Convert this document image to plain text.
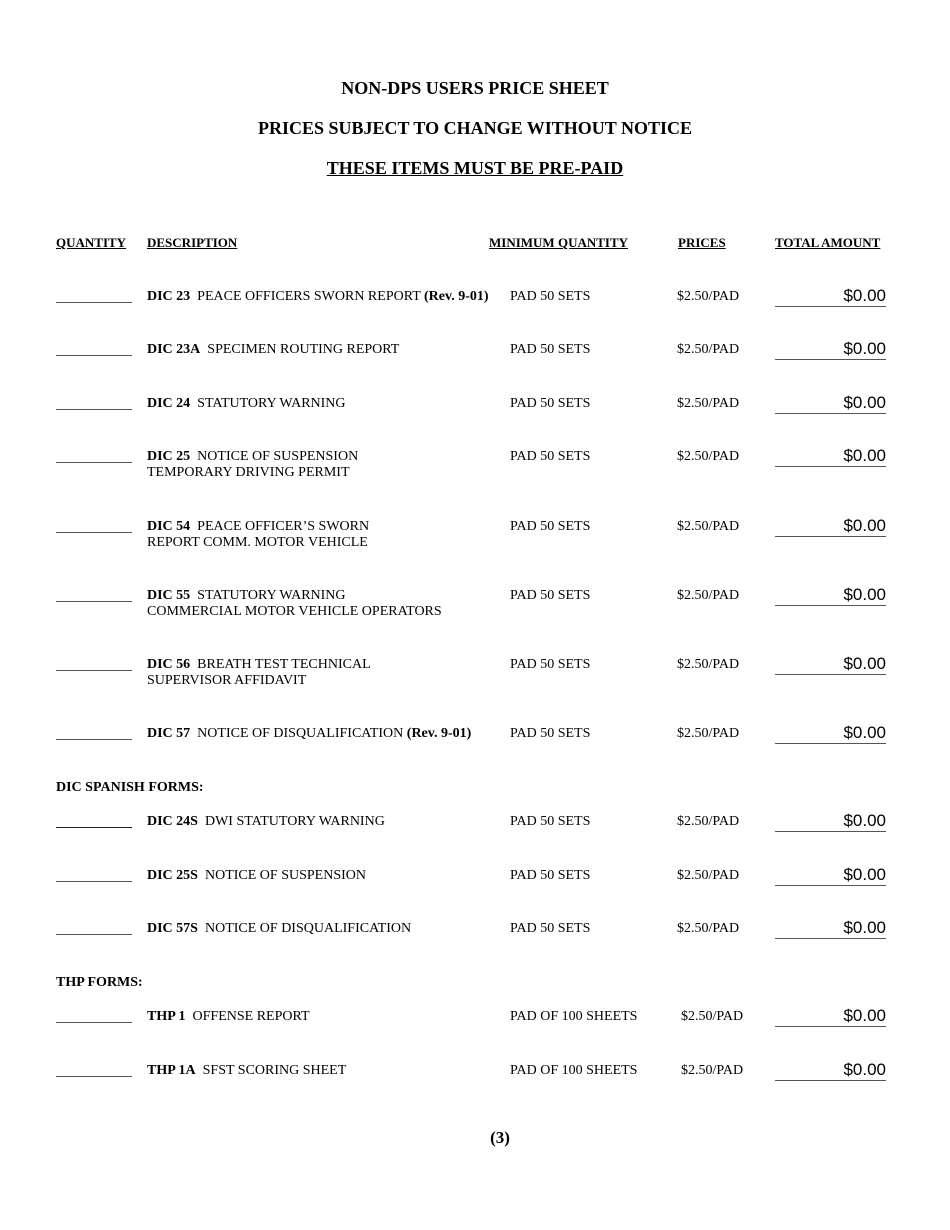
NON-DPS USERS PRICE SHEET
PRICES SUBJECT TO CHANGE WITHOUT NOTICE
THESE ITEMS MUST BE PRE-PAID
QUANTITY DESCRIPTION	MINIMUM QUANTITY	PRICES	TOTAL AMOUNT
DIC 23 PEACE OFFICERS SWORN REPORT (Rev. 9-01) PAD 50 SETS	$2.50/PAD	$0.00
DIC 23A SPECIMEN ROUTING REPORT	PAD 50 SETS	$2.50/PAD	$0.00
DIC 24 STATUTORY WARNING	PAD 50 SETS	$2.50/PAD	$0.00
DIC 25 NOTICE OF SUSPENSION
TEMPORARY DRIVING PERMIT
PAD 50 SETS	$2.50/PAD	$0.00
DIC 54 PEACE OFFICER’S SWORN
REPORT COMM. MOTOR VEHICLE
PAD 50 SETS	$2.50/PAD	$0.00
DIC 55 STATUTORY WARNING
COMMERCIAL MOTOR VEHICLE OPERATORS
PAD 50 SETS	$2.50/PAD	$0.00
DIC 56 BREATH TEST TECHNICAL
SUPERVISOR AFFIDAVIT
PAD 50 SETS	$2.50/PAD	$0.00
DIC 57 NOTICE OF DISQUALIFICATION (Rev. 9-01)	PAD 50 SETS	$2.50/PAD	$0.00
DIC SPANISH FORMS:
DIC 24S DWI STATUTORY WARNING	PAD 50 SETS	$2.50/PAD	$0.00
DIC 25S NOTICE OF SUSPENSION	PAD 50 SETS	$2.50/PAD	$0.00
DIC 57S NOTICE OF DISQUALIFICATION	PAD 50 SETS	$2.50/PAD	$0.00
THP FORMS:
THP 1 OFFENSE REPORT	PAD OF 100 SHEETS	$2.50/PAD	$0.00
THP 1A SFST SCORING SHEET	PAD OF 100 SHEETS	$2.50/PAD	$0.00
(3)
